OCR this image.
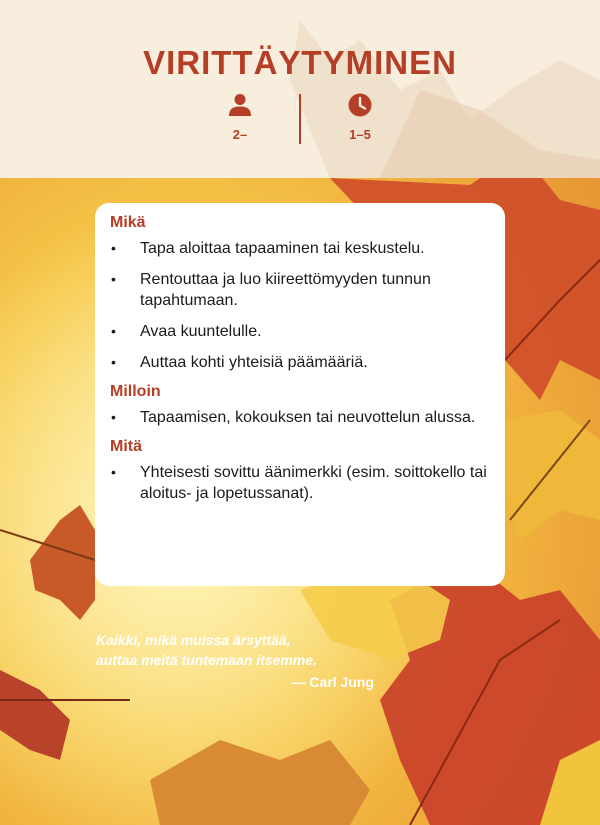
VIRITTÄYTYMINEN
2–	1–5
Mikä
• Tapa aloittaa tapaaminen tai keskustelu.
• Rentouttaa ja luo kiireettömyyden tunnun tapahtumaan.
• Avaa kuuntelulle.
• Auttaa kohti yhteisiä päämääriä.
Milloin
• Tapaamisen, kokouksen tai neuvottelun alussa.
Mitä
• Yhteisesti sovittu äänimerkki (esim. soittokello tai aloitus- ja lopetussanat).
Kaikki, mikä muissa ärsyttää,
auttaa meitä tuntemaan itsemme.
— Carl Jung
